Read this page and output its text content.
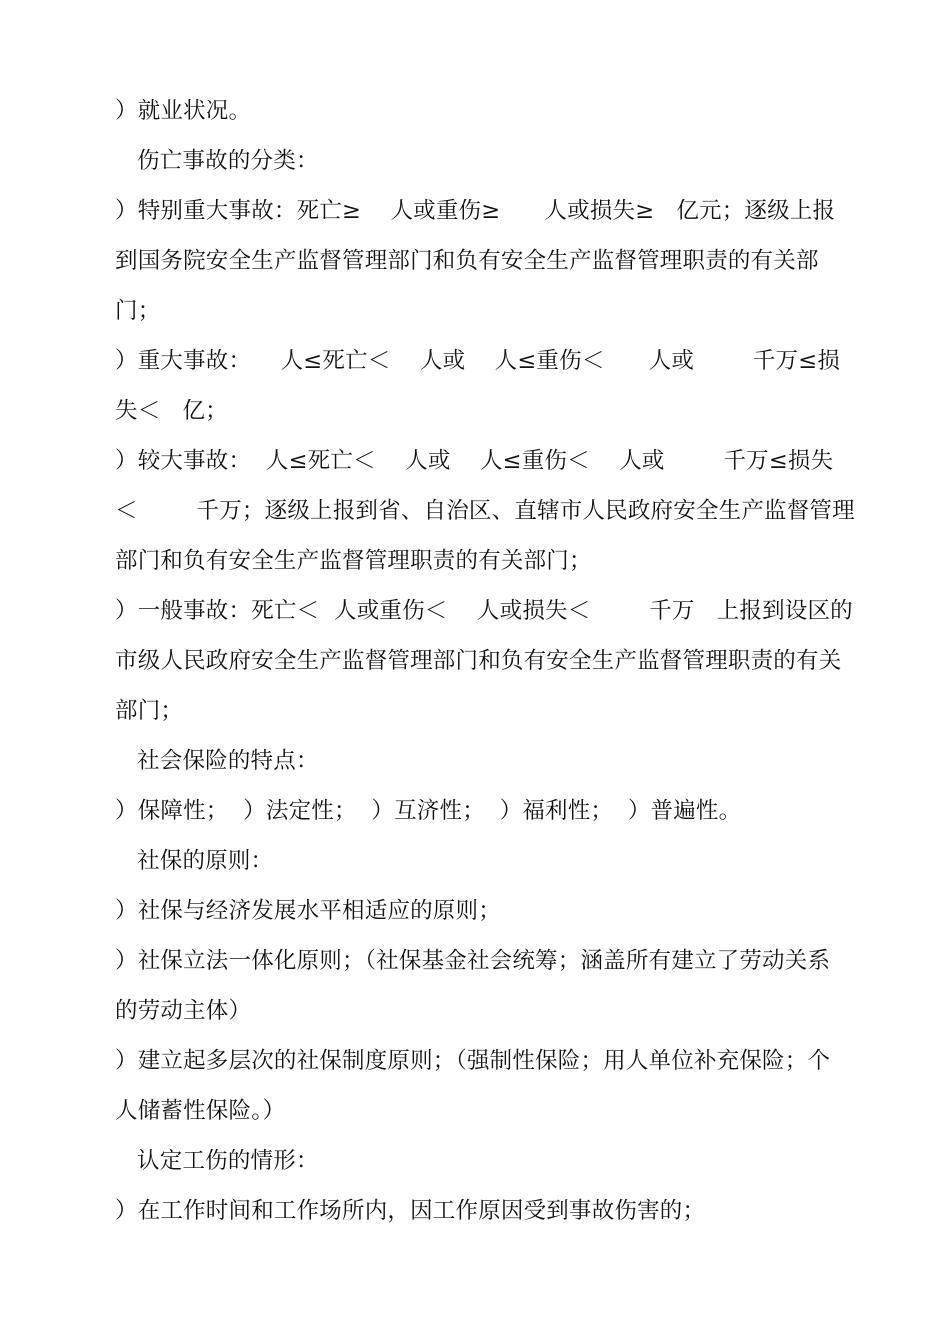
）就业状况。
伤亡事故的分类：
）特别重大事故：死亡≥    人或重伤≥      人或损失≥   亿元；逐级上报
到国务院安全生产监督管理部门和负有安全生产监督管理职责的有关部
门；
）重大事故：    人≤死亡＜    人或    人≤重伤＜      人或        千万≤损
失＜   亿；
）较大事故：  人≤死亡＜    人或    人≤重伤＜    人或        千万≤损失
＜        千万；逐级上报到省、自治区、直辖市人民政府安全生产监督管理
部门和负有安全生产监督管理职责的有关部门；
）一般事故：死亡＜  人或重伤＜    人或损失＜        千万   上报到设区的
市级人民政府安全生产监督管理部门和负有安全生产监督管理职责的有关
部门；
社会保险的特点：
）保障性；  ）法定性；  ）互济性；  ）福利性；  ）普遍性。
社保的原则：
）社保与经济发展水平相适应的原则；
）社保立法一体化原则；（社保基金社会统筹；涵盖所有建立了劳动关系
的劳动主体）
）建立起多层次的社保制度原则；（强制性保险；用人单位补充保险；个
人储蓄性保险。）
认定工伤的情形：
）在工作时间和工作场所内，因工作原因受到事故伤害的；
